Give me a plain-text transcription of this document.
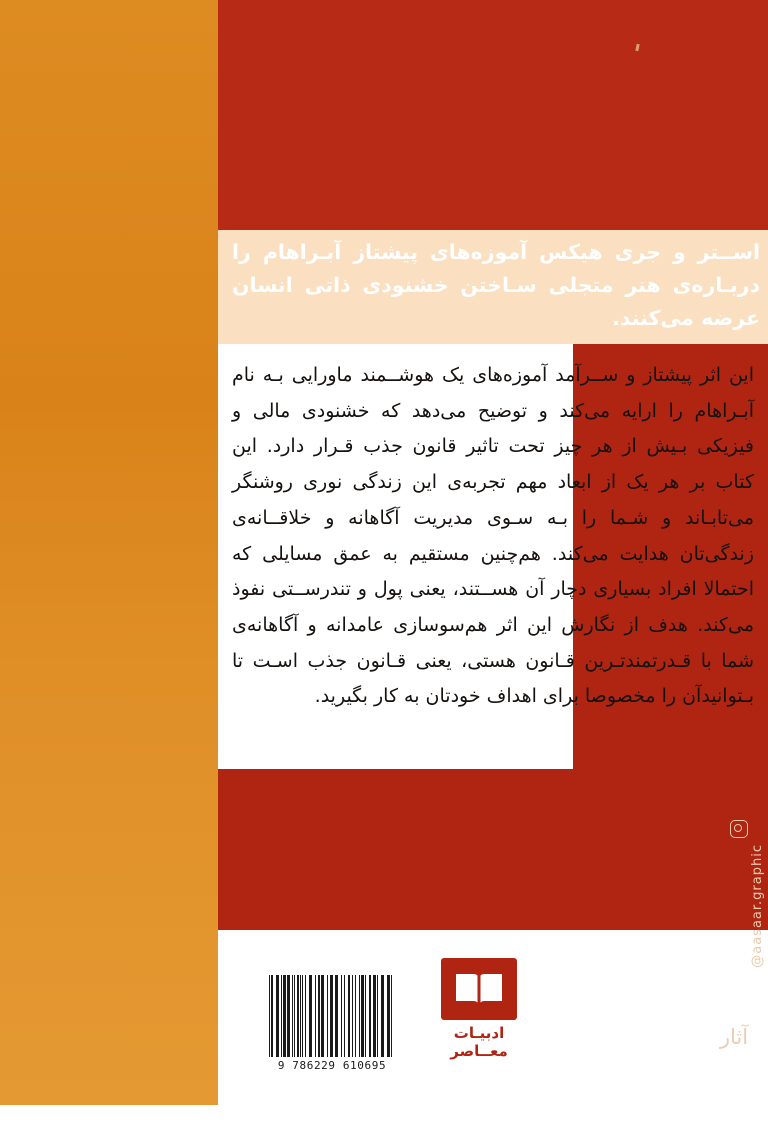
اســتر و جری هیکس آموزه‌های پیشتاز آبـراهام را دربـاره‌ی هنر متجلی سـاختن خشنودی ذاتی انسان عرضه می‌کنند.

این اثر پیشتاز و ســرآمد آموزه‌های یک هوشــمند ماورایی بـه نام آبـراهام را ارایه می‌کند و توضیح می‌دهد که خشنودی مالی و فیزیکی بـیش از هر چیز تحت تاثیر قانون جذب قـرار دارد. این کتاب بر هر یک از ابعاد مهم تجربه‌ی این زندگی نوری روشنگر می‌تابـاند و شـما را بـه سـوی مدیریت آگاهانه و خلاقــانه‌ی زندگی‌تان هدایت می‌کند. هم‌چنین مستقیم به عمق مسایلی که احتمالا افراد بسیاری دچار آن هســتند، یعنی پول و تندرســتی نفوذ می‌کند. هدف از نگارش این اثر هم‌سوسازی عامدانه و آگاهانه‌ی شما با قـدرتمندتـرین قـانون هستی، یعنی قـانون جذب اسـت تا بـتوانیدآن را مخصوصا برای اهداف خودتان به کار بگیرید.

9 786229 610695
ادبیـات
معــاصر
@aasaar.graphic
آثار
